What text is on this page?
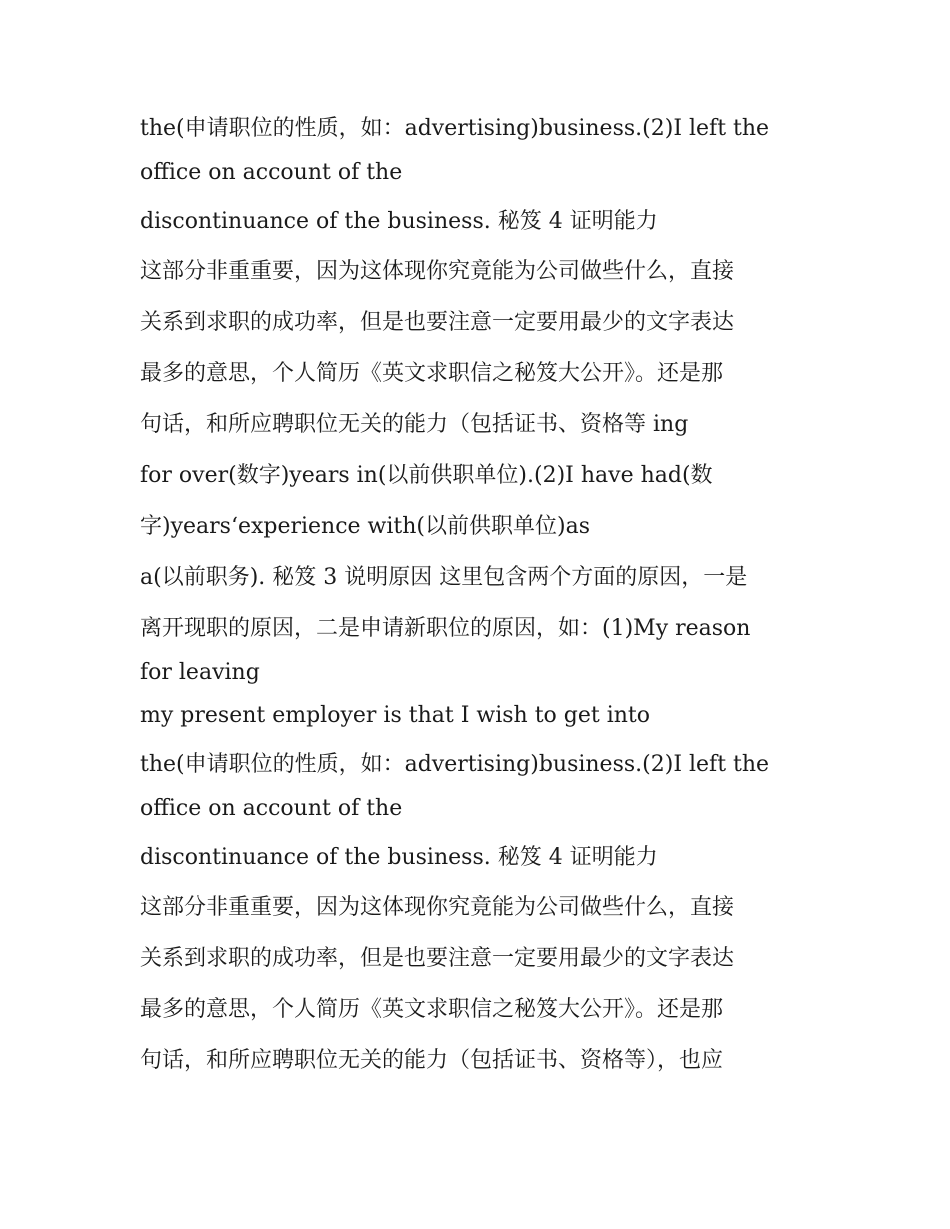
the(申请职位的性质，如：advertising)business.(2)I left the
office on account of the
discontinuance of the business. 秘笈 4 证明能力
这部分非重重要，因为这体现你究竟能为公司做些什么，直接
关系到求职的成功率，但是也要注意一定要用最少的文字表达
最多的意思，个人简历《英文求职信之秘笈大公开》。还是那
句话，和所应聘职位无关的能力（包括证书、资格等 ing
for over(数字)years in(以前供职单位).(2)I have had(数
字)years‘experience with(以前供职单位)as
a(以前职务). 秘笈 3 说明原因 这里包含两个方面的原因，一是
离开现职的原因，二是申请新职位的原因，如：(1)My reason
for leaving
my present employer is that I wish to get into
the(申请职位的性质，如：advertising)business.(2)I left the
office on account of the
discontinuance of the business. 秘笈 4 证明能力
这部分非重重要，因为这体现你究竟能为公司做些什么，直接
关系到求职的成功率，但是也要注意一定要用最少的文字表达
最多的意思，个人简历《英文求职信之秘笈大公开》。还是那
句话，和所应聘职位无关的能力（包括证书、资格等），也应
